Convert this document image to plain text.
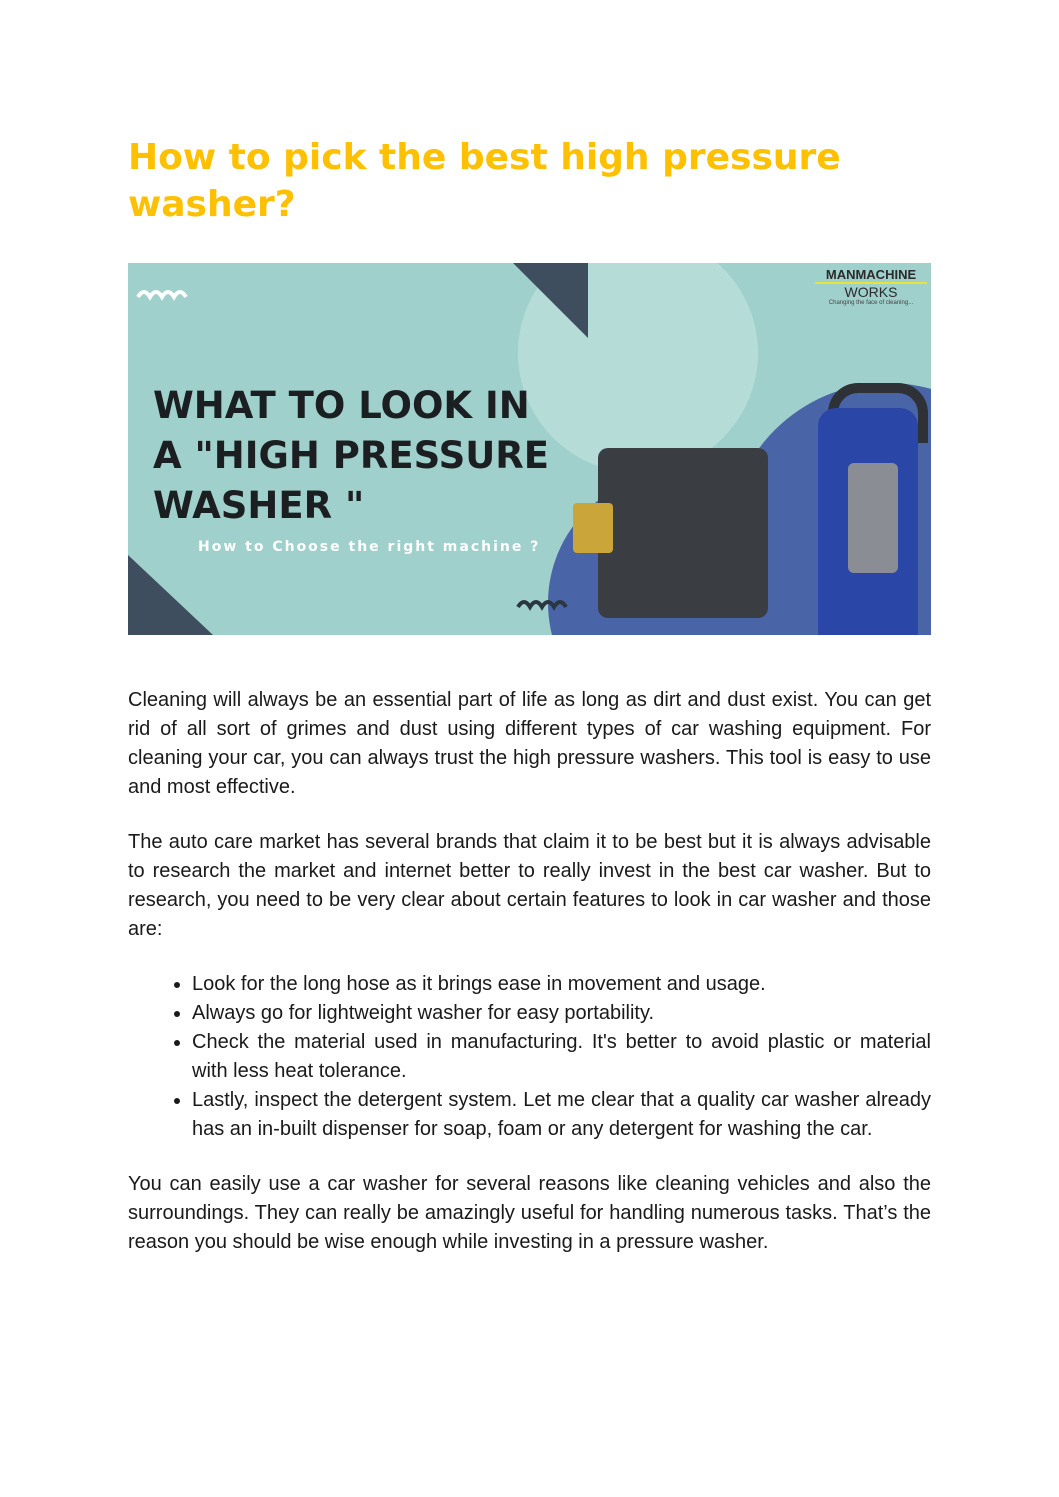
How to pick the best high pressure washer?
WHAT TO LOOK IN
A "HIGH PRESSURE
WASHER "
How to Choose the right machine ?
MANMACHINE
WORKS
Changing the face of cleaning...

Cleaning will always be an essential part of life as long as dirt and dust exist. You can get rid of all sort of grimes and dust using different types of car washing equipment. For cleaning your car, you can always trust the high pressure washers. This tool is easy to use and most effective.

The auto care market has several brands that claim it to be best but it is always advisable to research the market and internet better to really invest in the best car washer. But to research, you need to be very clear about certain features to look in car washer and those are:

• Look for the long hose as it brings ease in movement and usage.
• Always go for lightweight washer for easy portability.
• Check the material used in manufacturing. It's better to avoid plastic or material with less heat tolerance.
• Lastly, inspect the detergent system. Let me clear that a quality car washer already has an in-built dispenser for soap, foam or any detergent for washing the car.

You can easily use a car washer for several reasons like cleaning vehicles and also the surroundings. They can really be amazingly useful for handling numerous tasks. That’s the reason you should be wise enough while investing in a pressure washer.
